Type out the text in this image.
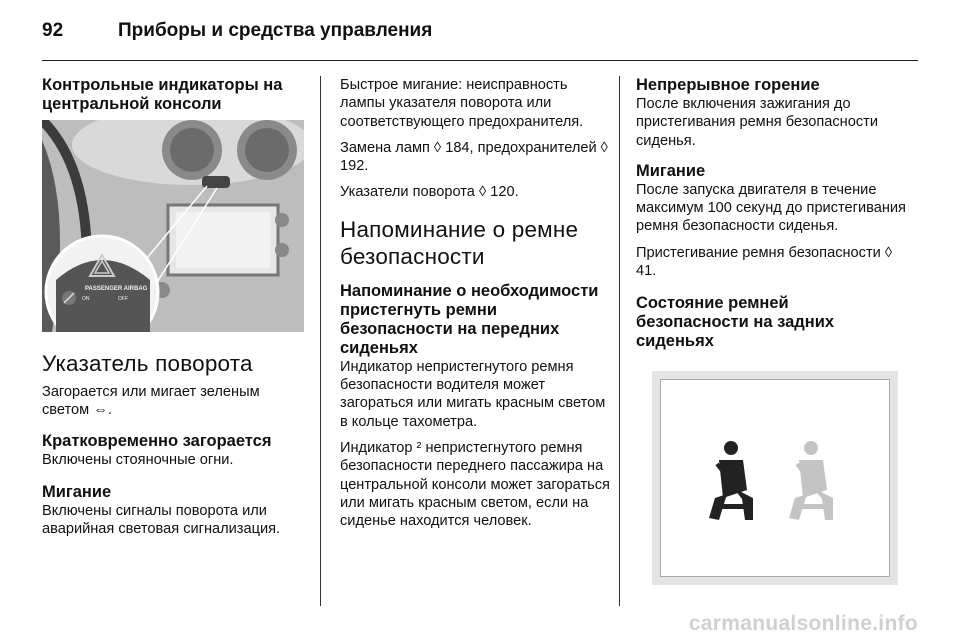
92	Приборы и средства управления

Контрольные индикаторы на центральной консоли

PASSENGER AIRBAG
ON	OFF

Указатель поворота

Загорается или мигает зеленым светом ⇔.

Кратковременно загорается

Включены стояночные огни.

Мигание

Включены сигналы поворота или аварийная световая сигнализация.

Быстрое мигание: неисправность лампы указателя поворота или соответствующего предохранителя.

Замена ламп ◊ 184, предохранителей ◊ 192.

Указатели поворота ◊ 120.

Напоминание о ремне безопасности

Напоминание о необходимости пристегнуть ремни безопасности на передних сиденьях

Индикатор непристегнутого ремня безопасности водителя может загораться или мигать красным светом в кольце тахометра.

Индикатор ² непристегнутого ремня безопасности переднего пассажира на центральной консоли может загораться или мигать красным светом, если на сиденье находится человек.

Непрерывное горение

После включения зажигания до пристегивания ремня безопасности сиденья.

Мигание

После запуска двигателя в течение максимум 100 секунд до пристегивания ремня безопасности сиденья.

Пристегивание ремня безопасности ◊ 41.

Состояние ремней безопасности на задних сиденьях

carmanualsonline.info
